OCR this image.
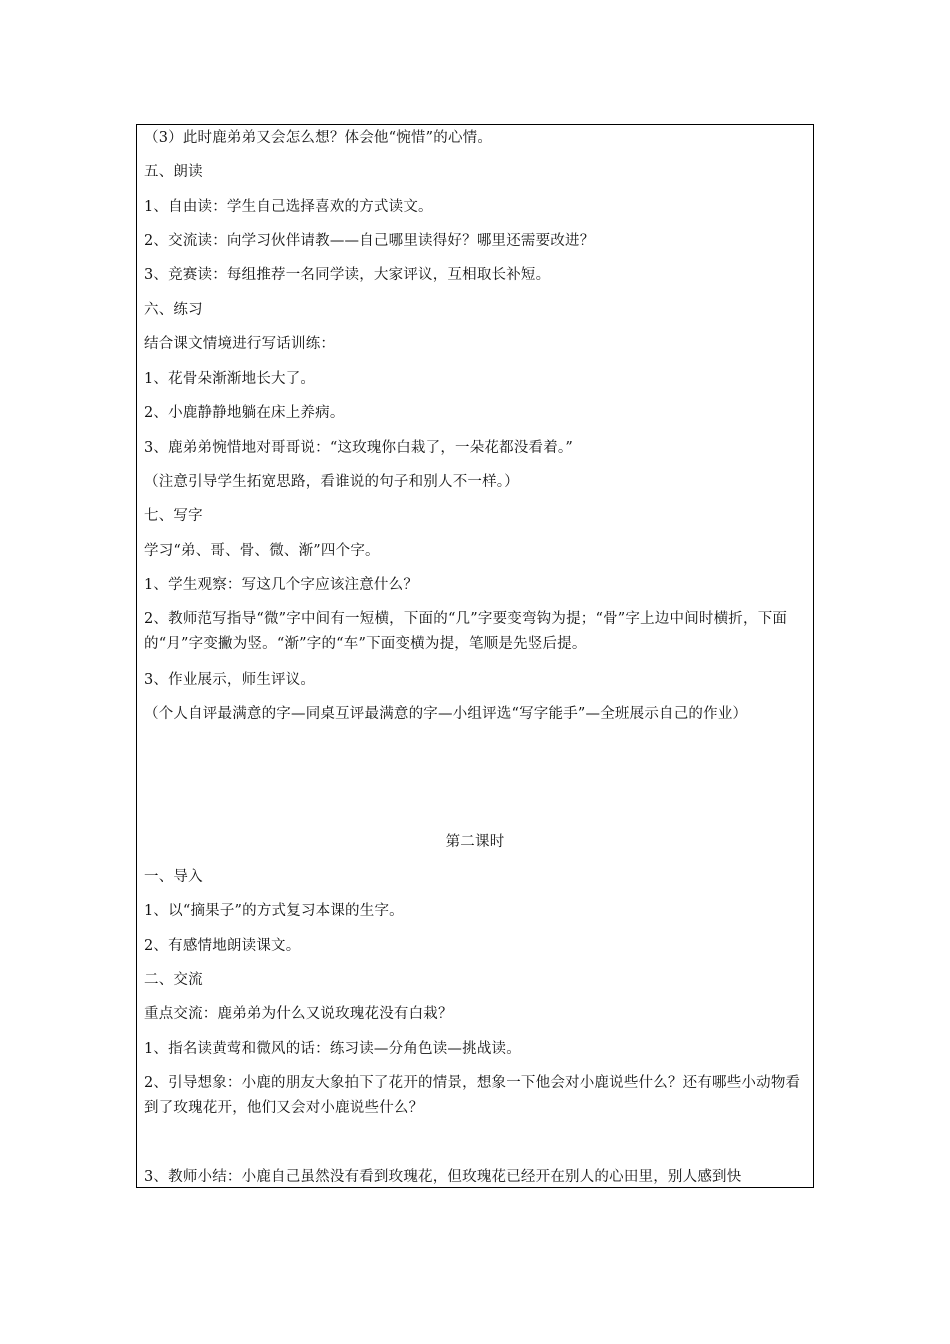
（3）此时鹿弟弟又会怎么想？体会他“惋惜”的心情。
五、朗读
1、自由读：学生自己选择喜欢的方式读文。
2、交流读：向学习伙伴请教——自己哪里读得好？哪里还需要改进？
3、竞赛读：每组推荐一名同学读，大家评议，互相取长补短。
六、练习
结合课文情境进行写话训练：
1、花骨朵渐渐地长大了。
2、小鹿静静地躺在床上养病。
3、鹿弟弟惋惜地对哥哥说：“这玫瑰你白栽了，一朵花都没看着。”
（注意引导学生拓宽思路，看谁说的句子和别人不一样。）
七、写字
学习“弟、哥、骨、微、渐”四个字。
1、学生观察：写这几个字应该注意什么？
2、教师范写指导“微”字中间有一短横，下面的“几”字要变弯钩为提；“骨”字上边中间时横折，下面的“月”字变撇为竖。“渐”字的“车”下面变横为提，笔顺是先竖后提。
3、作业展示，师生评议。
（个人自评最满意的字—同桌互评最满意的字—小组评选“写字能手”—全班展示自己的作业）
第二课时
一、导入
1、以“摘果子”的方式复习本课的生字。
2、有感情地朗读课文。
二、交流
重点交流：鹿弟弟为什么又说玫瑰花没有白栽？
1、指名读黄莺和微风的话：练习读—分角色读—挑战读。
2、引导想象：小鹿的朋友大象拍下了花开的情景，想象一下他会对小鹿说些什么？还有哪些小动物看到了玫瑰花开，他们又会对小鹿说些什么？
3、教师小结：小鹿自己虽然没有看到玫瑰花，但玫瑰花已经开在别人的心田里，别人感到快
